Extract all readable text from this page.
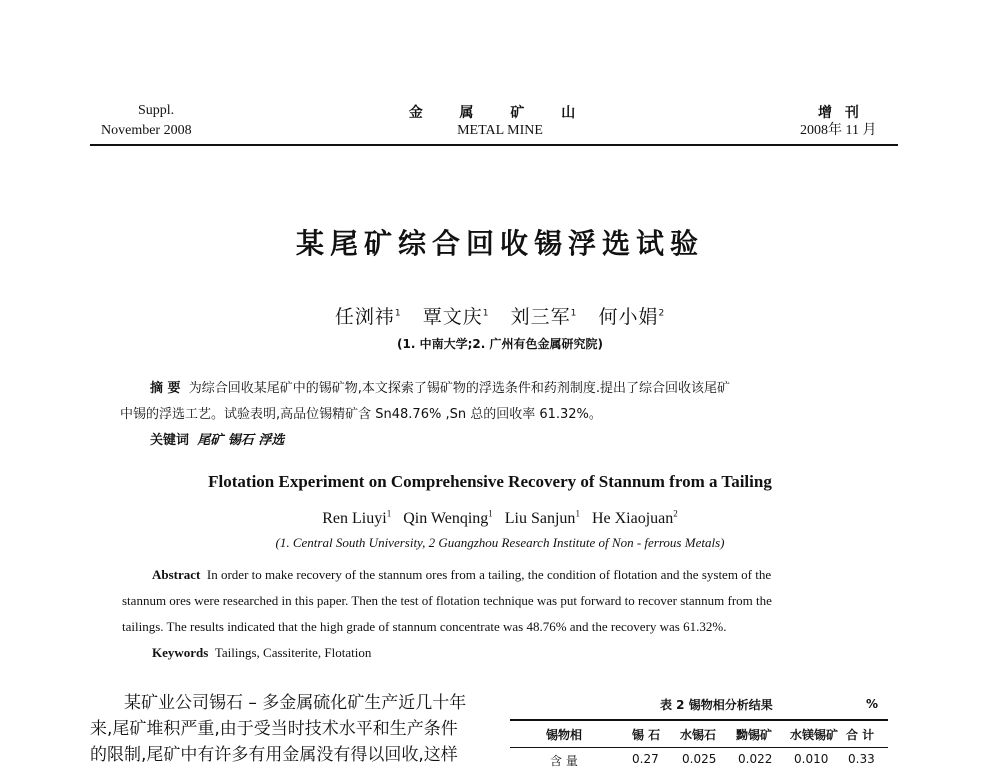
Suppl.
November 2008
金 属 矿 山
METAL MINE
增 刊
2008年 11 月
某尾矿综合回收锡浮选试验
任浏祎$^1$ 覃文庆$^1$ 刘三军$^1$ 何小娟$^2$
(1. 中南大学;2. 广州有色金属研究院)
摘 要 为综合回收某尾矿中的锡矿物,本文探索了锡矿物的浮选条件和药剂制度.提出了综合回收该尾矿
中锡的浮选工艺。试验表明,高品位锡精矿含 Sn48.76% ,Sn 总的回收率 61.32%。
关键词 尾矿 锡石 浮选
Flotation Experiment on Comprehensive Recovery of Stannum from a Tailing
Ren Liuyi$^1$ Qin Wenqing$^1$ Liu Sanjun$^1$ He Xiaojuan$^2$
(1. Central South University, 2 Guangzhou Research Institute of Non - ferrous Metals)
Abstract In order to make recovery of the stannum ores from a tailing, the condition of flotation and the system of the
stannum ores were researched in this paper. Then the test of flotation technique was put forward to recover stannum from the
tailings. The results indicated that the high grade of stannum concentrate was 48.76% and the recovery was 61.32%.
Keywords Tailings, Cassiterite, Flotation
某矿业公司锡石 – 多金属硫化矿生产近几十年
来,尾矿堆积严重,由于受当时技术水平和生产条件
的限制,尾矿中有许多有用金属没有得以回收,这样
表 2 锡物相分析结果	%
锡物相	锡 石 水锡石 黝锡矿 水镁锡矿 合 计
含 量	0.27 0.025 0.022 0.010 0.33
